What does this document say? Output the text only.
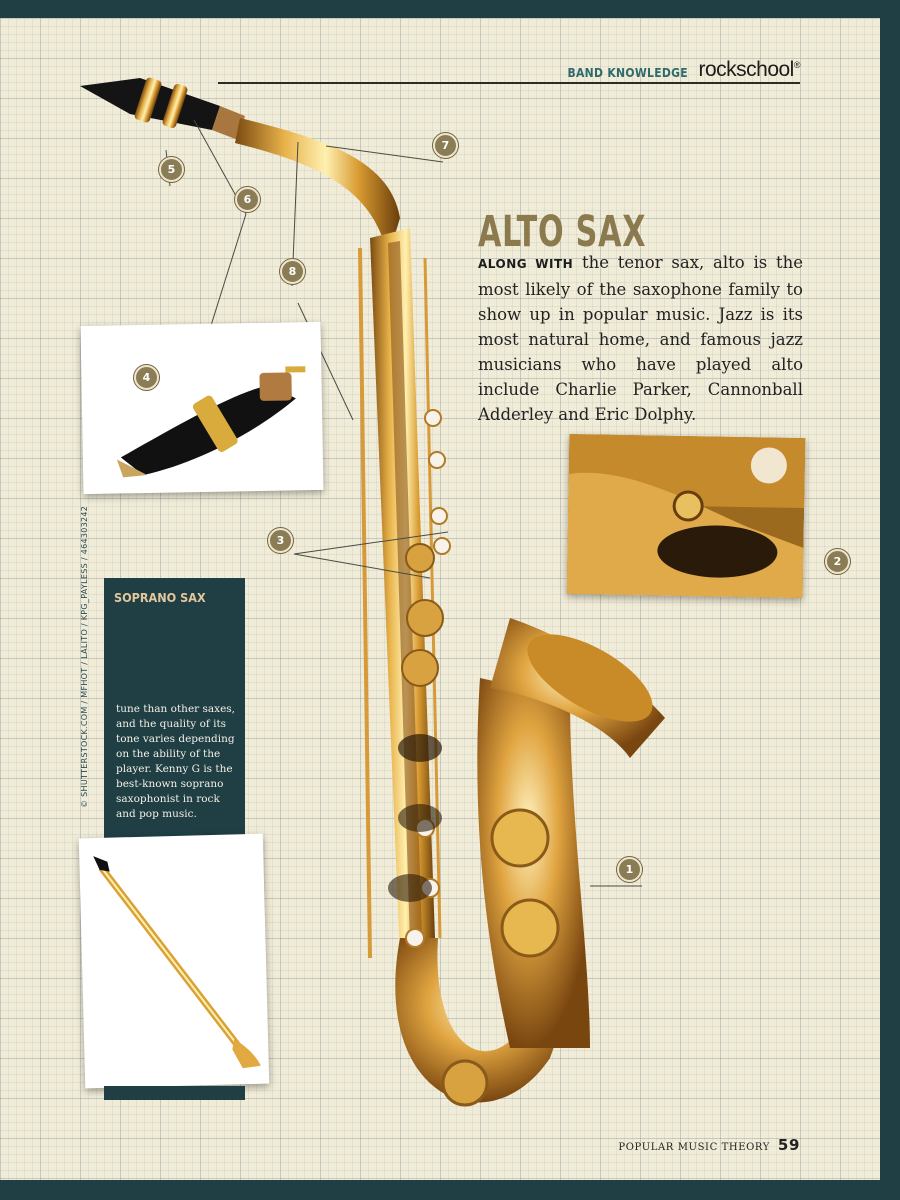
BAND KNOWLEDGE rockschool®
ALTO SAX

ALONG WITH the tenor sax, alto is the most likely of the saxophone family to show up in popular music. Jazz is its most natural home, and famous jazz musicians who have played alto include Charlie Parker, Cannonball Adderley and Eric Dolphy.

SOPRANO SAX
tune than other saxes, and the quality of its tone varies depending on the ability of the player. Kenny G is the best-known soprano saxophonist in rock and pop music.
© SHUTTERSTOCK.COM / MFHOT / LALITO / KPG_PAYLESS / 464303242
1
2
3
4
5
6
7
8
POPULAR MUSIC THEORY 59
